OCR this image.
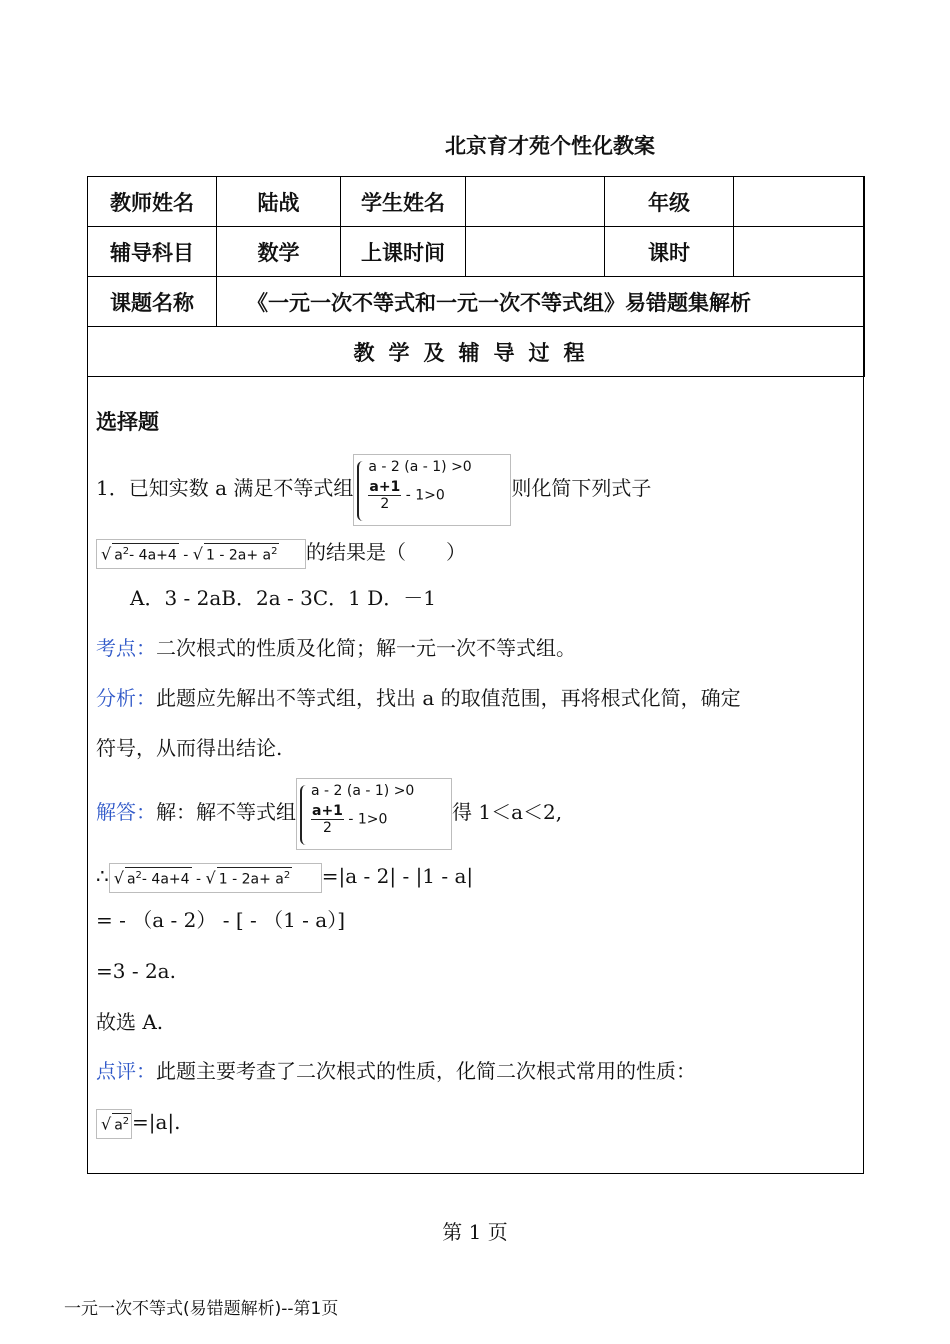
北京育才苑个性化教案
教师姓名	陆战	学生姓名		年级	
辅导科目	数学	上课时间		课时	
课题名称	《一元一次不等式和一元一次不等式组》易错题集解析				
教学及辅导过程					
选择题
1．已知实数 a 满足不等式组
a - 2 (a - 1) >0
$\frac{a+1}{2} - 1>0$	则化简下列式子
√ $a^2-$ 4a+4 - √ $1 - 2a+ a^2$ 的结果是（　　）
A．3 - 2aB．2a - 3C．1 D．－1
考点：二次根式的性质及化简；解一元一次不等式组。
分析：此题应先解出不等式组，找出 a 的取值范围，再将根式化简，确定
符号，从而得出结论.
解答：解：解不等式组
a - 2 (a - 1) >0
$\frac{a+1}{2} - 1>0$	得 1＜a＜2,
∴ √ $a^2-$ 4a+4 - √ $1 - 2a+ a^2 =|a - 2| - |1 - a|$
= - （a - 2） - [ - （1 - a）]
=3 - 2a.
故选 A.
点评：此题主要考查了二次根式的性质，化简二次根式常用的性质：
√ $a^2 =|a|$.
第 1 页
一元一次不等式(易错题解析)--第1页
